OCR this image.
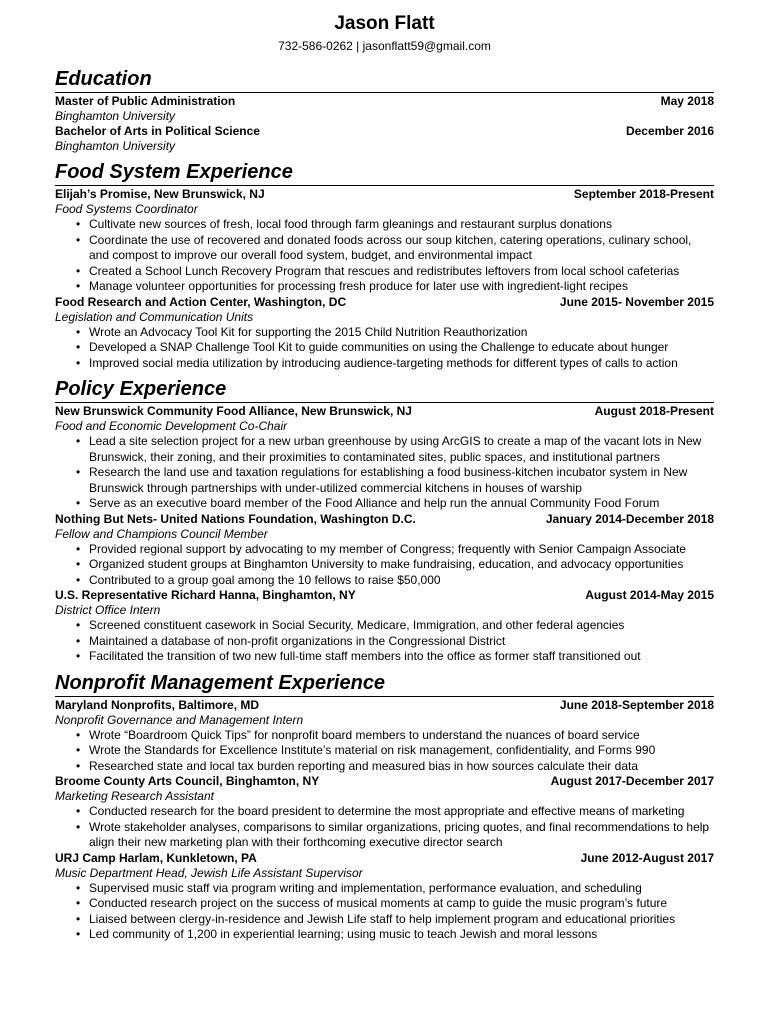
Jason Flatt
732-586-0262 | jasonflatt59@gmail.com
Education
Master of Public Administration	May 2018
Binghamton University
Bachelor of Arts in Political Science	December 2016
Binghamton University
Food System Experience
Elijah’s Promise, New Brunswick, NJ	September 2018-Present
Food Systems Coordinator
• Cultivate new sources of fresh, local food through farm gleanings and restaurant surplus donations
• Coordinate the use of recovered and donated foods across our soup kitchen, catering operations, culinary school, and compost to improve our overall food system, budget, and environmental impact
• Created a School Lunch Recovery Program that rescues and redistributes leftovers from local school cafeterias
• Manage volunteer opportunities for processing fresh produce for later use with ingredient-light recipes
Food Research and Action Center, Washington, DC	June 2015- November 2015
Legislation and Communication Units
• Wrote an Advocacy Tool Kit for supporting the 2015 Child Nutrition Reauthorization
• Developed a SNAP Challenge Tool Kit to guide communities on using the Challenge to educate about hunger
• Improved social media utilization by introducing audience-targeting methods for different types of calls to action
Policy Experience
New Brunswick Community Food Alliance, New Brunswick, NJ	August 2018-Present
Food and Economic Development Co-Chair
• Lead a site selection project for a new urban greenhouse by using ArcGIS to create a map of the vacant lots in New Brunswick, their zoning, and their proximities to contaminated sites, public spaces, and institutional partners
• Research the land use and taxation regulations for establishing a food business-kitchen incubator system in New Brunswick through partnerships with under-utilized commercial kitchens in houses of warship
• Serve as an executive board member of the Food Alliance and help run the annual Community Food Forum
Nothing But Nets- United Nations Foundation, Washington D.C.	January 2014-December 2018
Fellow and Champions Council Member
• Provided regional support by advocating to my member of Congress; frequently with Senior Campaign Associate
• Organized student groups at Binghamton University to make fundraising, education, and advocacy opportunities
• Contributed to a group goal among the 10 fellows to raise $50,000
U.S. Representative Richard Hanna, Binghamton, NY	August 2014-May 2015
District Office Intern
• Screened constituent casework in Social Security, Medicare, Immigration, and other federal agencies
• Maintained a database of non-profit organizations in the Congressional District
• Facilitated the transition of two new full-time staff members into the office as former staff transitioned out
Nonprofit Management Experience
Maryland Nonprofits, Baltimore, MD	June 2018-September 2018
Nonprofit Governance and Management Intern
• Wrote “Boardroom Quick Tips” for nonprofit board members to understand the nuances of board service
• Wrote the Standards for Excellence Institute’s material on risk management, confidentiality, and Forms 990
• Researched state and local tax burden reporting and measured bias in how sources calculate their data
Broome County Arts Council, Binghamton, NY	August 2017-December 2017
Marketing Research Assistant
• Conducted research for the board president to determine the most appropriate and effective means of marketing
• Wrote stakeholder analyses, comparisons to similar organizations, pricing quotes, and final recommendations to help align their new marketing plan with their forthcoming executive director search
URJ Camp Harlam, Kunkletown, PA	June 2012-August 2017
Music Department Head, Jewish Life Assistant Supervisor
• Supervised music staff via program writing and implementation, performance evaluation, and scheduling
• Conducted research project on the success of musical moments at camp to guide the music program’s future
• Liaised between clergy-in-residence and Jewish Life staff to help implement program and educational priorities
• Led community of 1,200 in experiential learning; using music to teach Jewish and moral lessons
